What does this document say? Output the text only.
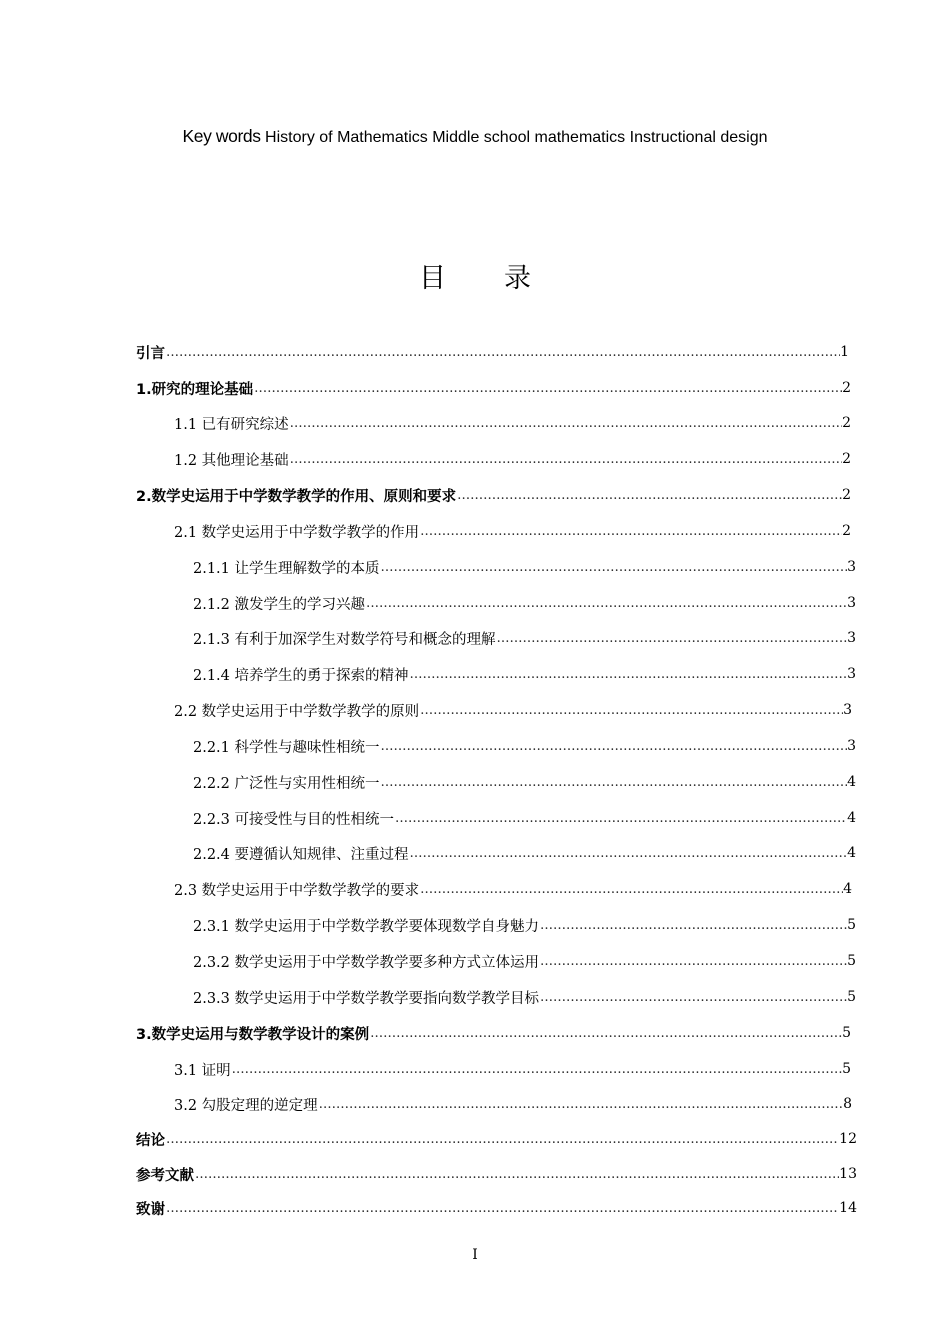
Key words History of Mathematics Middle school mathematics Instructional design
目 录
引言 …………………………………………………………………………………………………………………………………………………………………………………………………………………	1
1.研究的理论基础 …………………………………………………………………………………………………………………………………………………………………………………………………………………	2
1.1 已有研究综述 …………………………………………………………………………………………………………………………………………………………………………………………………………………	2
1.2 其他理论基础 …………………………………………………………………………………………………………………………………………………………………………………………………………………	2
2.数学史运用于中学数学教学的作用、原则和要求 …………………………………………………………………………………………………………………………………………………………………………………………………………………	2
2.1 数学史运用于中学数学教学的作用 …………………………………………………………………………………………………………………………………………………………………………………………………………………	2
2.1.1 让学生理解数学的本质 …………………………………………………………………………………………………………………………………………………………………………………………………………………	3
2.1.2 激发学生的学习兴趣 …………………………………………………………………………………………………………………………………………………………………………………………………………………	3
2.1.3 有利于加深学生对数学符号和概念的理解 …………………………………………………………………………………………………………………………………………………………………………………………………………………	3
2.1.4 培养学生的勇于探索的精神 …………………………………………………………………………………………………………………………………………………………………………………………………………………	3
2.2 数学史运用于中学数学教学的原则 …………………………………………………………………………………………………………………………………………………………………………………………………………………	3
2.2.1 科学性与趣味性相统一 …………………………………………………………………………………………………………………………………………………………………………………………………………………	3
2.2.2 广泛性与实用性相统一 …………………………………………………………………………………………………………………………………………………………………………………………………………………	4
2.2.3 可接受性与目的性相统一 …………………………………………………………………………………………………………………………………………………………………………………………………………………	4
2.2.4 要遵循认知规律、注重过程 …………………………………………………………………………………………………………………………………………………………………………………………………………………	4
2.3 数学史运用于中学数学教学的要求 …………………………………………………………………………………………………………………………………………………………………………………………………………………	4
2.3.1 数学史运用于中学数学教学要体现数学自身魅力 …………………………………………………………………………………………………………………………………………………………………………………………………………………	5
2.3.2 数学史运用于中学数学教学要多种方式立体运用 …………………………………………………………………………………………………………………………………………………………………………………………………………………	5
2.3.3 数学史运用于中学数学教学要指向数学教学目标 …………………………………………………………………………………………………………………………………………………………………………………………………………………	5
3.数学史运用与数学教学设计的案例 …………………………………………………………………………………………………………………………………………………………………………………………………………………	5
3.1 证明 …………………………………………………………………………………………………………………………………………………………………………………………………………………	5
3.2 勾股定理的逆定理 …………………………………………………………………………………………………………………………………………………………………………………………………………………	8
结论 …………………………………………………………………………………………………………………………………………………………………………………………………………………	12
参考文献 …………………………………………………………………………………………………………………………………………………………………………………………………………………	13
致谢 …………………………………………………………………………………………………………………………………………………………………………………………………………………	14
I
